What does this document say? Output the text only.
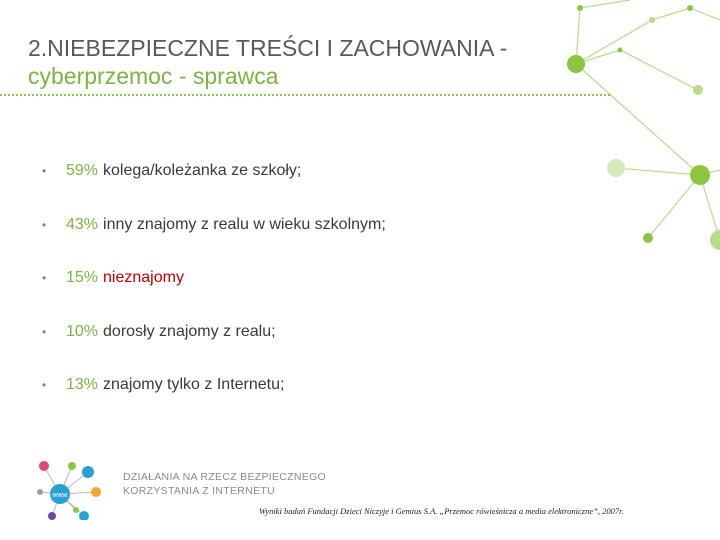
2.NIEBEZPIECZNE TREŚCI I ZACHOWANIA -
cyberprzemoc - sprawca
•	59% kolega/koleżanka ze szkoły;
•	43% inny znajomy z realu w wieku szkolnym;
•	15% nieznajomy
•	10% dorosły znajomy z realu;
•	13% znajomy tylko z Internetu;
www
DZIAŁANIA NA RZECZ BEZPIECZNEGO
KORZYSTANIA Z INTERNETU
Wyniki badań Fundacji Dzieci Niczyje i Gemius S.A. „Przemoc rówieśnicza a media elektroniczne”, 2007r.
